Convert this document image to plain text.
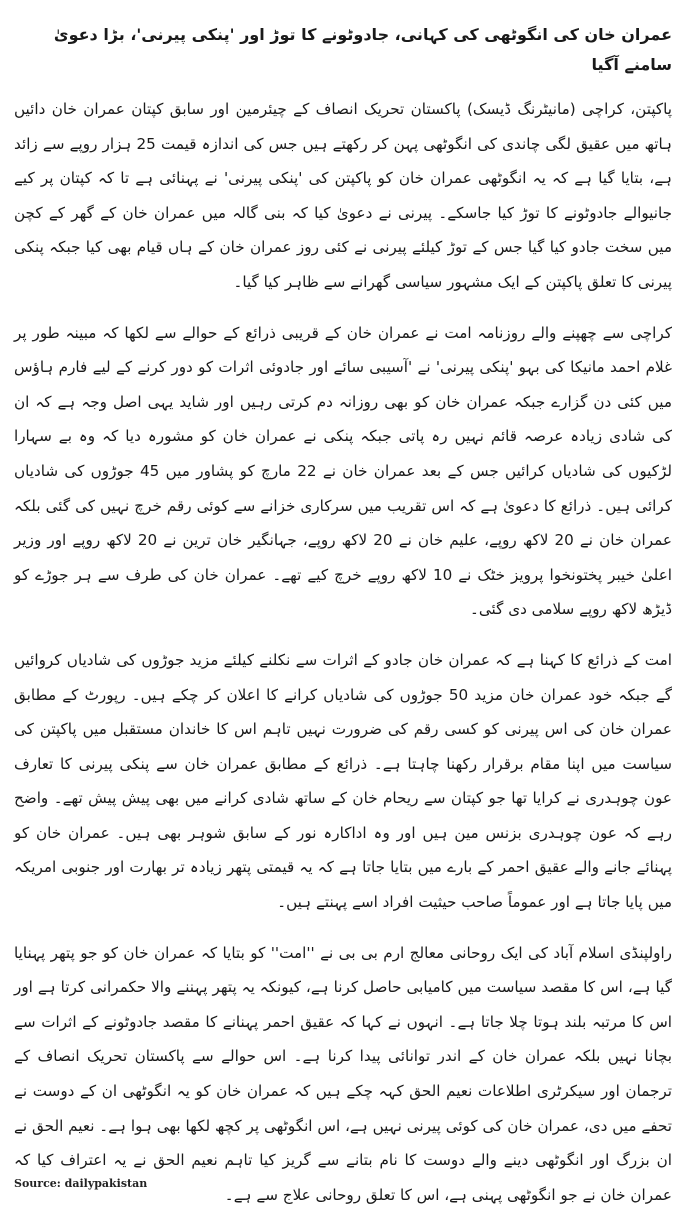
عمران خان کی انگوٹھی کی کہانی، جادوٹونے کا توڑ اور 'پنکی پیرنی'، بڑا دعویٰ سامنے آگیا

پاکپتن، کراچی (مانیٹرنگ ڈیسک) پاکستان تحریک انصاف کے چیئرمین اور سابق کپتان عمران خان دائیں ہاتھ میں عقیق لگی چاندی کی انگوٹھی پہن کر رکھتے ہیں جس کی اندازہ قیمت 25 ہزار روپے سے زائد ہے، بتایا گیا ہے کہ یہ انگوٹھی عمران خان کو پاکپتن کی 'پنکی پیرنی' نے پہنائی ہے تا کہ کپتان پر کیے جانیوالے جادوٹونے کا توڑ کیا جاسکے۔ پیرنی نے دعویٰ کیا کہ بنی گالہ میں عمران خان کے گھر کے کچن میں سخت جادو کیا گیا جس کے توڑ کیلئے پیرنی نے کئی روز عمران خان کے ہاں قیام بھی کیا جبکہ پنکی پیرنی کا تعلق پاکپتن کے ایک مشہور سیاسی گھرانے سے ظاہر کیا گیا۔

کراچی سے چھپنے والے روزنامہ امت نے عمران خان کے قریبی ذرائع کے حوالے سے لکھا کہ مبینہ طور پر غلام احمد مانیکا کی بہو 'پنکی پیرنی' نے 'آسیبی سائے اور جادوئی اثرات کو دور کرنے کے لیے فارم ہاؤس میں کئی دن گزارے جبکہ عمران خان کو بھی روزانہ دم کرتی رہیں اور شاید یہی اصل وجہ ہے کہ ان کی شادی زیادہ عرصہ قائم نہیں رہ پاتی جبکہ پنکی نے عمران خان کو مشورہ دیا کہ وہ بے سہارا لڑکیوں کی شادیاں کرائیں جس کے بعد عمران خان نے 22 مارچ کو پشاور میں 45 جوڑوں کی شادیاں کرائی ہیں۔ ذرائع کا دعویٰ ہے کہ اس تقریب میں سرکاری خزانے سے کوئی رقم خرچ نہیں کی گئی بلکہ عمران خان نے 20 لاکھ روپے، علیم خان نے 20 لاکھ روپے، جہانگیر خان ترین نے 20 لاکھ روپے اور وزیر اعلیٰ خیبر پختونخوا پرویز خٹک نے 10 لاکھ روپے خرچ کیے تھے۔ عمران خان کی طرف سے ہر جوڑے کو ڈیڑھ لاکھ روپے سلامی دی گئی۔

امت کے ذرائع کا کہنا ہے کہ عمران خان جادو کے اثرات سے نکلنے کیلئے مزید جوڑوں کی شادیاں کروائیں گے جبکہ خود عمران خان مزید 50 جوڑوں کی شادیاں کرانے کا اعلان کر چکے ہیں۔ رپورٹ کے مطابق عمران خان کی اس پیرنی کو کسی رقم کی ضرورت نہیں تاہم اس کا خاندان مستقبل میں پاکپتن کی سیاست میں اپنا مقام برقرار رکھنا چاہتا ہے۔ ذرائع کے مطابق عمران خان سے پنکی پیرنی کا تعارف عون چوہدری نے کرایا تھا جو کپتان سے ریحام خان کے ساتھ شادی کرانے میں بھی پیش پیش تھے۔ واضح رہے کہ عون چوہدری بزنس مین ہیں اور وہ اداکارہ نور کے سابق شوہر بھی ہیں۔ عمران خان کو پہنائے جانے والے عقیق احمر کے بارے میں بتایا جاتا ہے کہ یہ قیمتی پتھر زیادہ تر بھارت اور جنوبی امریکہ میں پایا جاتا ہے اور عموماً صاحب حیثیت افراد اسے پہنتے ہیں۔

راولپنڈی اسلام آباد کی ایک روحانی معالج ارم بی بی نے ''امت'' کو بتایا کہ عمران خان کو جو پتھر پہنایا گیا ہے، اس کا مقصد سیاست میں کامیابی حاصل کرنا ہے، کیونکہ یہ پتھر پہننے والا حکمرانی کرتا ہے اور اس کا مرتبہ بلند ہوتا چلا جاتا ہے۔ انہوں نے کہا کہ عقیق احمر پہنانے کا مقصد جادوٹونے کے اثرات سے بچانا نہیں بلکہ عمران خان کے اندر توانائی پیدا کرنا ہے۔ اس حوالے سے پاکستان تحریک انصاف کے ترجمان اور سیکرٹری اطلاعات نعیم الحق کہہ چکے ہیں کہ عمران خان کو یہ انگوٹھی ان کے دوست نے تحفے میں دی، عمران خان کی کوئی پیرنی نہیں ہے، اس انگوٹھی پر کچھ لکھا بھی ہوا ہے۔ نعیم الحق نے ان بزرگ اور انگوٹھی دینے والے دوست کا نام بتانے سے گریز کیا تاہم نعیم الحق نے یہ اعتراف کیا کہ عمران خان نے جو انگوٹھی پہنی ہے، اس کا تعلق روحانی علاج سے ہے۔

Source: dailypakistan
